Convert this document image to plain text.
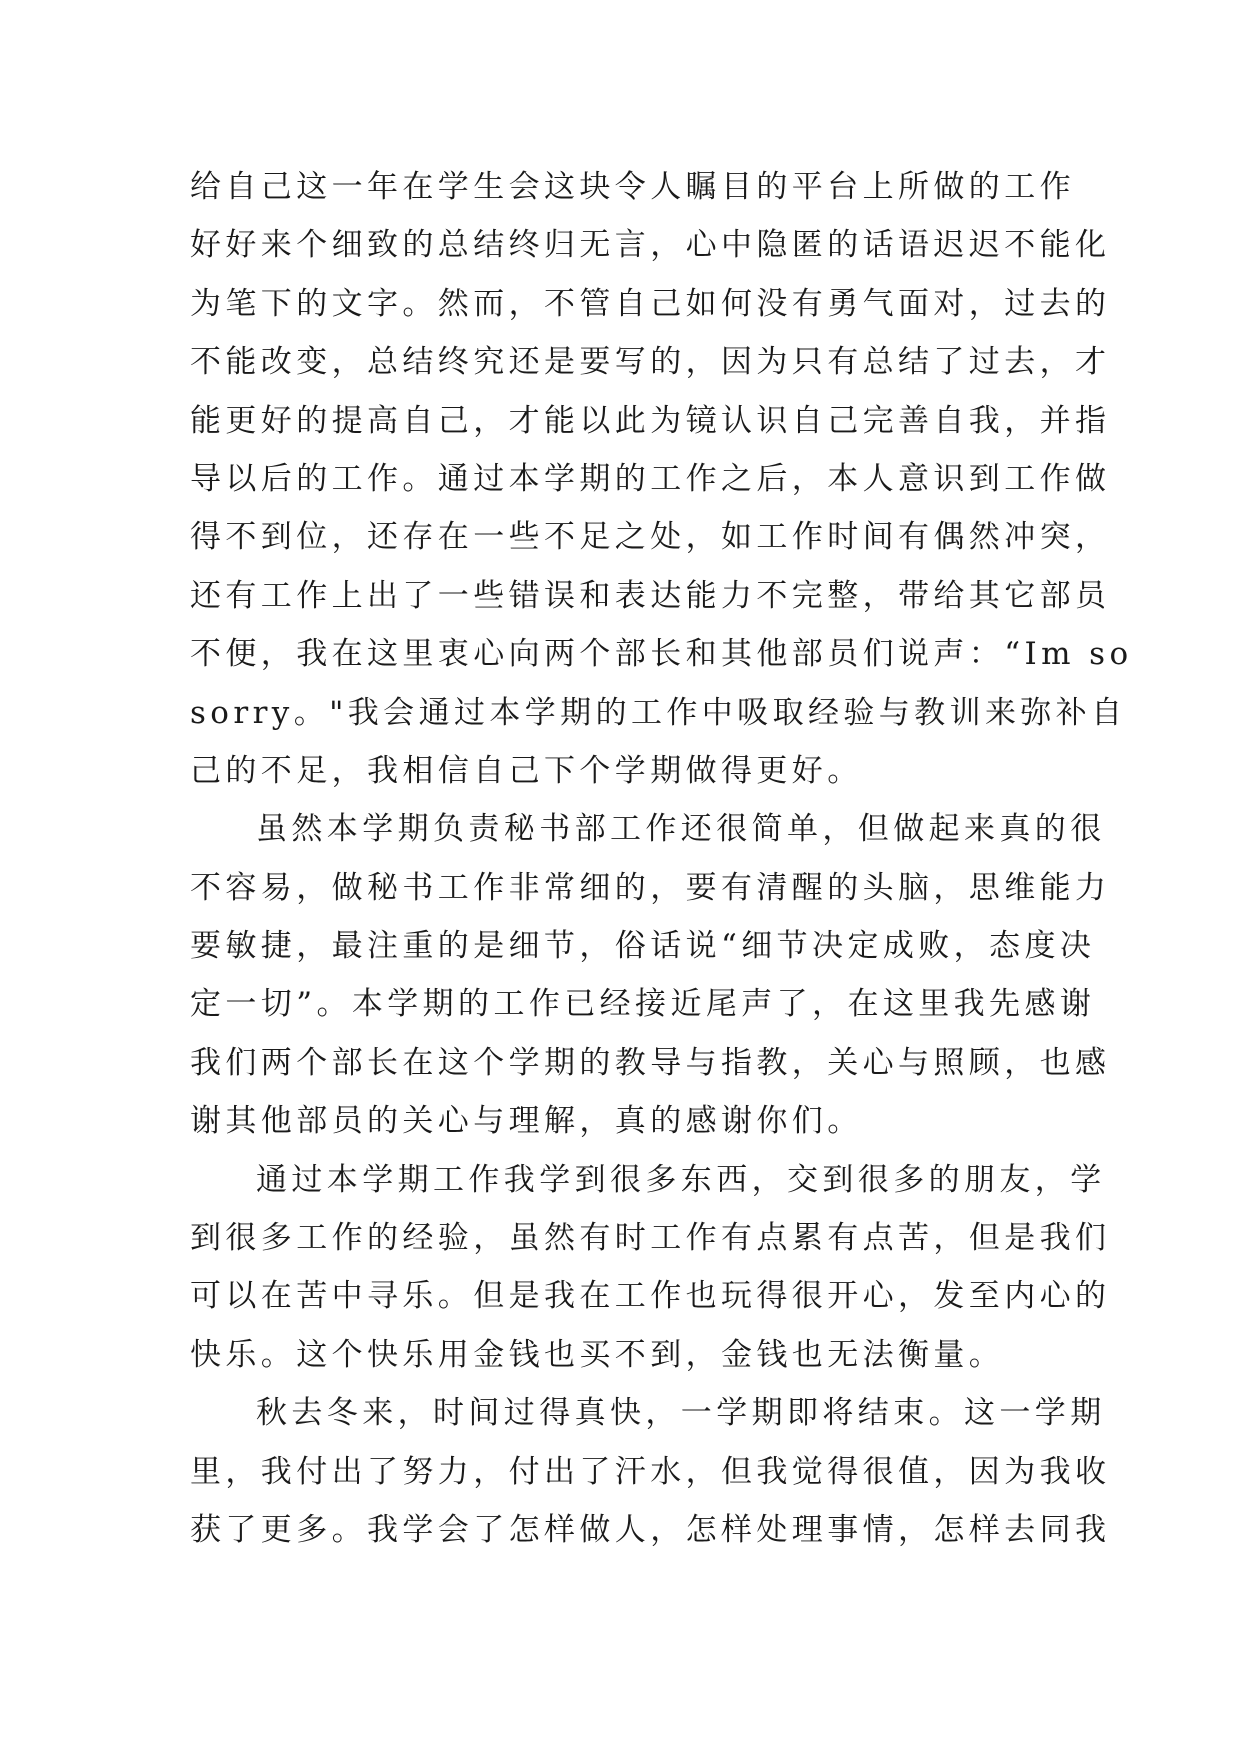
给自己这一年在学生会这块令人瞩目的平台上所做的工作
好好来个细致的总结终归无言，心中隐匿的话语迟迟不能化
为笔下的文字。然而，不管自己如何没有勇气面对，过去的
不能改变，总结终究还是要写的，因为只有总结了过去，才
能更好的提高自己，才能以此为镜认识自己完善自我，并指
导以后的工作。通过本学期的工作之后，本人意识到工作做
得不到位，还存在一些不足之处，如工作时间有偶然冲突，
还有工作上出了一些错误和表达能力不完整，带给其它部员
不便，我在这里衷心向两个部长和其他部员们说声：“Im so
sorry。"我会通过本学期的工作中吸取经验与教训来弥补自
己的不足，我相信自己下个学期做得更好。
虽然本学期负责秘书部工作还很简单，但做起来真的很
不容易，做秘书工作非常细的，要有清醒的头脑，思维能力
要敏捷，最注重的是细节，俗话说“细节决定成败，态度决
定一切”。本学期的工作已经接近尾声了，在这里我先感谢
我们两个部长在这个学期的教导与指教，关心与照顾，也感
谢其他部员的关心与理解，真的感谢你们。
通过本学期工作我学到很多东西，交到很多的朋友，学
到很多工作的经验，虽然有时工作有点累有点苦，但是我们
可以在苦中寻乐。但是我在工作也玩得很开心，发至内心的
快乐。这个快乐用金钱也买不到，金钱也无法衡量。
秋去冬来，时间过得真快，一学期即将结束。这一学期
里，我付出了努力，付出了汗水，但我觉得很值，因为我收
获了更多。我学会了怎样做人，怎样处理事情，怎样去同我
